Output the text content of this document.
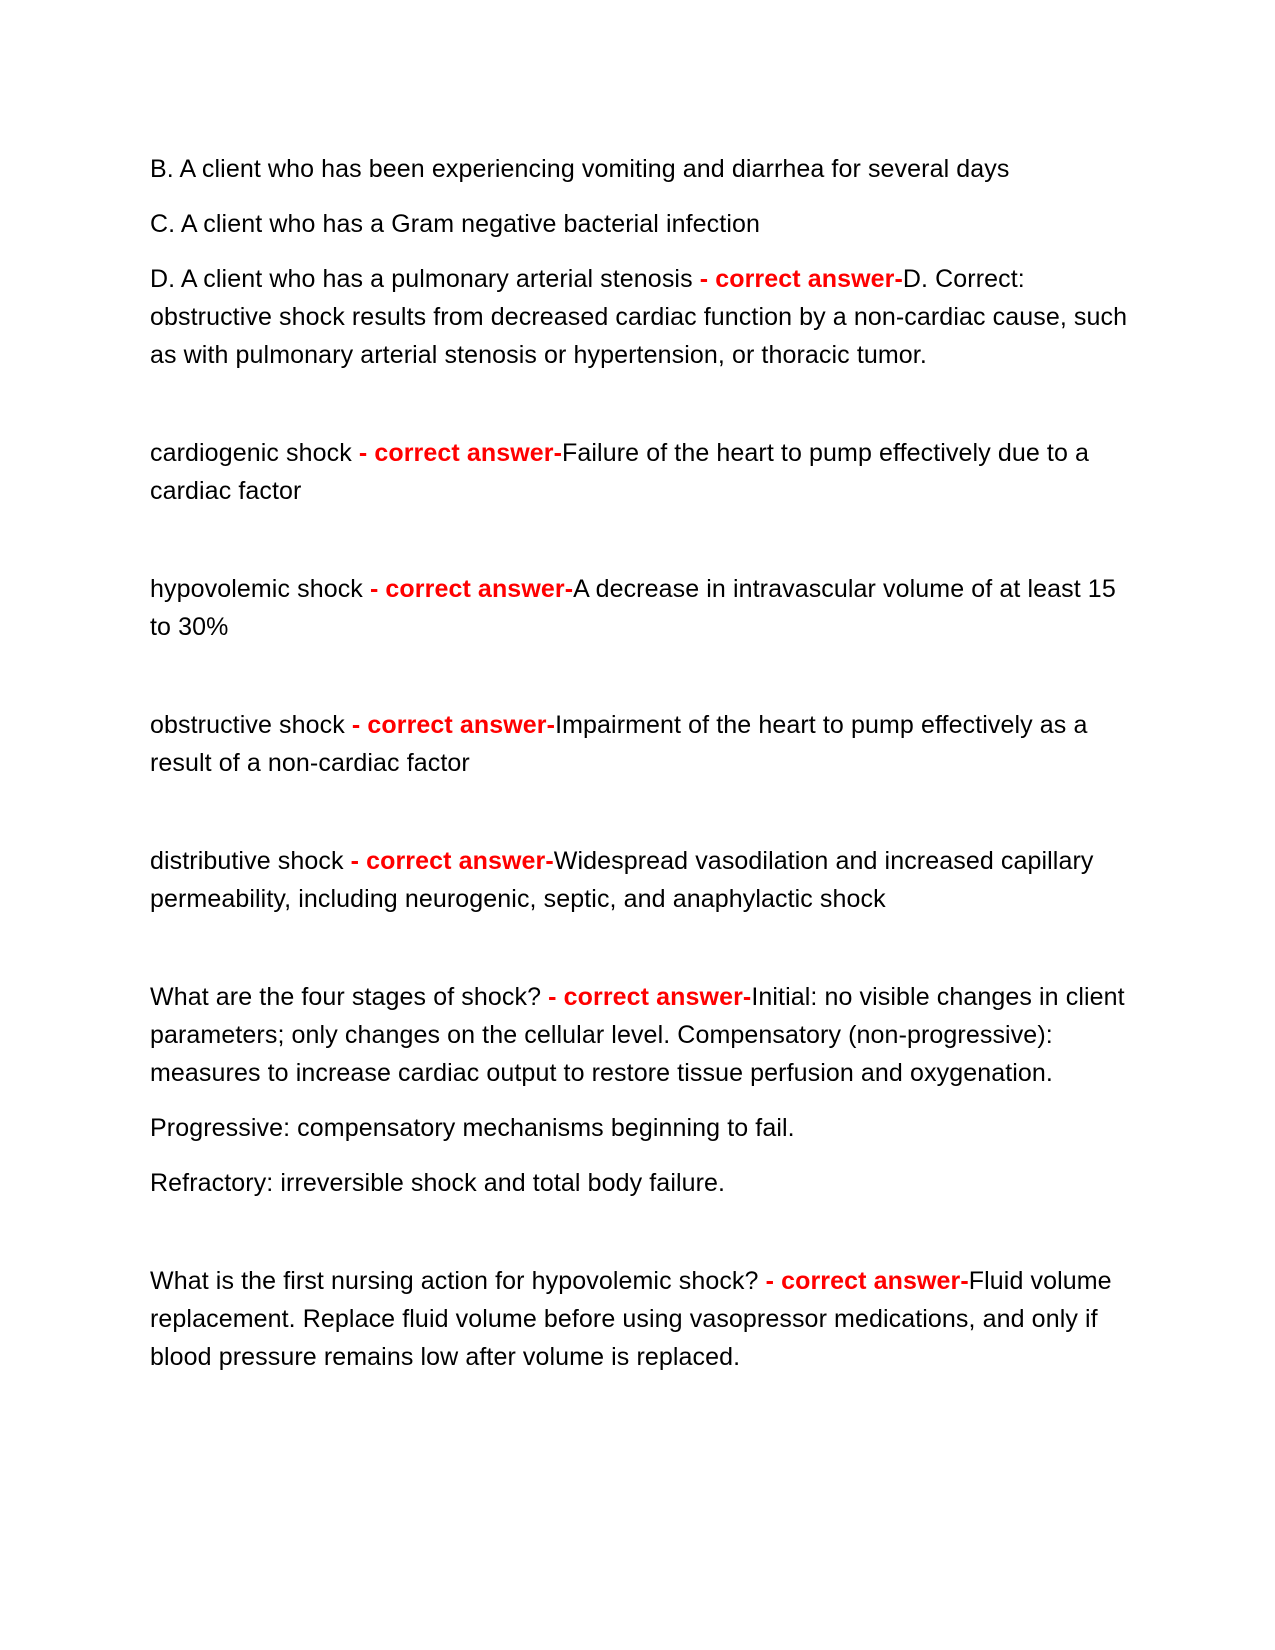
B. A client who has been experiencing vomiting and diarrhea for several days

C. A client who has a Gram negative bacterial infection

D. A client who has a pulmonary arterial stenosis - correct answer-D. Correct: obstructive shock results from decreased cardiac function by a non-cardiac cause, such as with pulmonary arterial stenosis or hypertension, or thoracic tumor.

cardiogenic shock - correct answer-Failure of the heart to pump effectively due to a cardiac factor

hypovolemic shock - correct answer-A decrease in intravascular volume of at least 15 to 30%

obstructive shock - correct answer-Impairment of the heart to pump effectively as a result of a non-cardiac factor

distributive shock - correct answer-Widespread vasodilation and increased capillary permeability, including neurogenic, septic, and anaphylactic shock

What are the four stages of shock? - correct answer-Initial: no visible changes in client parameters; only changes on the cellular level. Compensatory (non-progressive): measures to increase cardiac output to restore tissue perfusion and oxygenation.

Progressive: compensatory mechanisms beginning to fail.

Refractory: irreversible shock and total body failure.

What is the first nursing action for hypovolemic shock? - correct answer-Fluid volume replacement. Replace fluid volume before using vasopressor medications, and only if blood pressure remains low after volume is replaced.
